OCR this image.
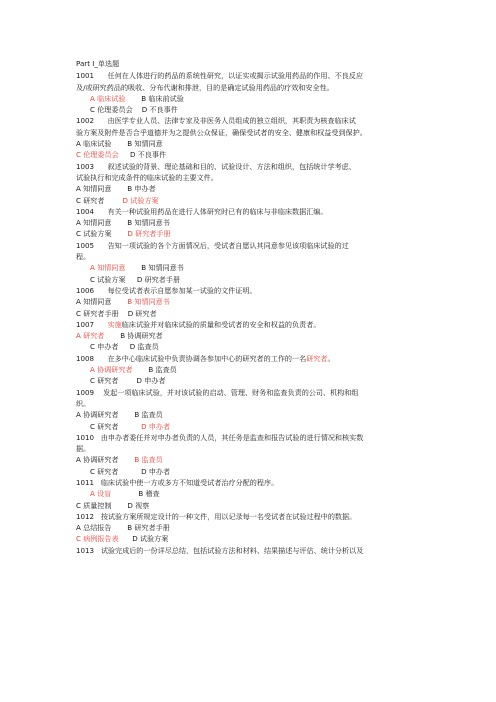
Part I_单选题

1001 任何在人体进行的药品的系统性研究，以证实或揭示试验用药品的作用、不良反应

及/或研究药品的吸收、分布代谢和排泄，目的是确定试验用药品的疗效和安全性。

A 临床试验 B 临床前试验

C 伦理委员会 D 不良事件

1002 由医学专业人员、法律专家及非医务人员组成的独立组织，其职责为核查临床试

验方案及附件是否合乎道德并为之提供公众保证，确保受试者的安全、健康和权益受到保护。

A 临床试验 B 知情同意

C 伦理委员会 D 不良事件

1003 叙述试验的背景、理论基础和目的、试验设计、方法和组织，包括统计学考虑、

试验执行和完成条件的临床试验的主要文件。

A 知情同意 B 申办者

C 研究者	D 试验方案

1004 有关一种试验用药品在进行人体研究时已有的临床与非临床数据汇编。

A 知情同意 B 知情同意书

C 试验方案 D 研究者手册

1005 告知一项试验的各个方面情况后，受试者自愿认其同意参见该项临床试验的过

程。

A 知情同意 B 知情同意书

C 试验方案 D 研究者手册

1006 每位受试者表示自愿参加某一试验的文件证明。

A 知情同意 B 知情同意书

C 研究者手册 D 研究者

1007 实施临床试验并对临床试验的质量和受试者的安全和权益的负责者。

A 研究者 B 协调研究者

C 申办者 D 监查员

1008 在多中心临床试验中负责协调各参加中心的研究者的工作的一名研究者。

A 协调研究者 B 监查员

C 研究者	D 申办者

1009 发起一项临床试验，并对该试验的启动、管理、财务和监查负责的公司、机构和组

织。

A 协调研究者 B 监查员

C 研究者	D 申办者

1010 由申办者委任并对申办者负责的人员，其任务是监查和报告试验的进行情况和核实数

据。

A 协调研究者 B 监查员

C 研究者	D 申办者

1011 临床试验中使一方或多方不知道受试者治疗分配的程序。

A 设盲	B 稽查

C 质量控制 D 视察

1012 按试验方案所规定设计的一种文件，用以记录每一名受试者在试验过程中的数据。

A 总结报告 B 研究者手册

C 病例报告表 D 试验方案

1013 试验完成后的一份详尽总结，包括试验方法和材料、结果描述与评估、统计分析以及
